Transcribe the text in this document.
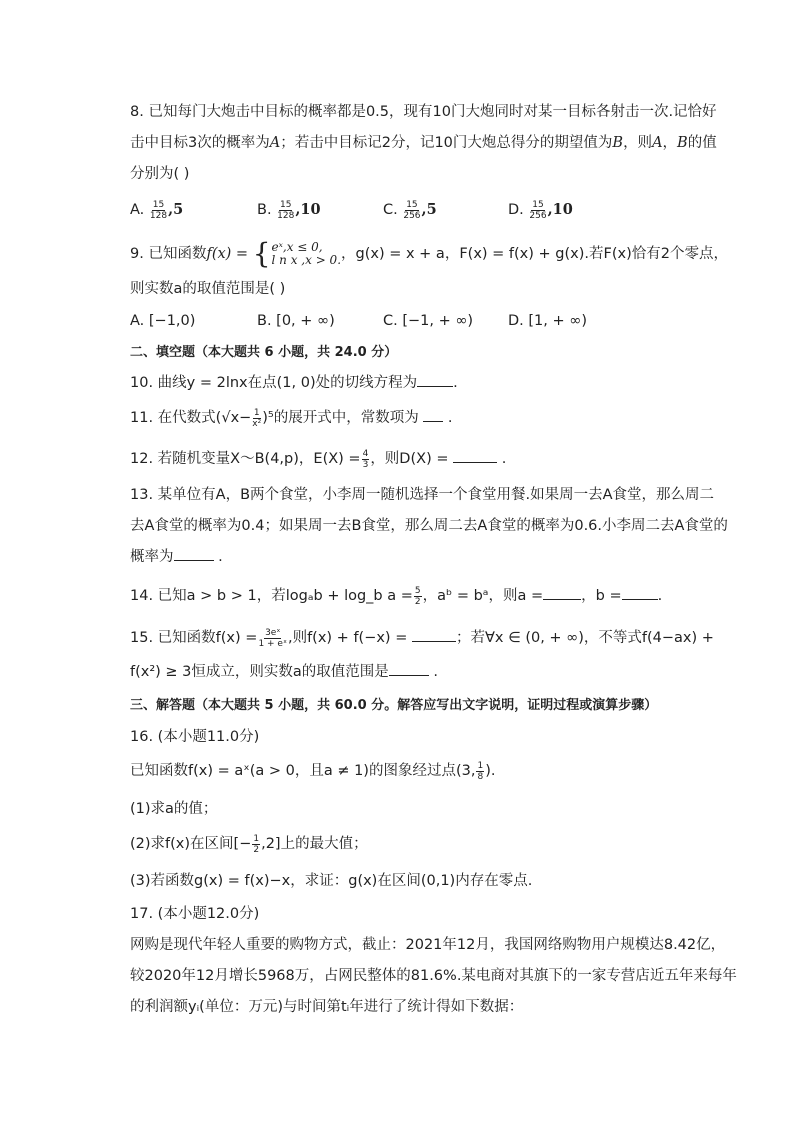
8. 已知每门大炮击中目标的概率都是0.5，现有10门大炮同时对某一目标各射击一次.记恰好
击中目标3次的概率为A；若击中目标记2分，记10门大炮总得分的期望值为B，则A，B的值
分别为( )
A. $\frac{15}{128} ,5$	B. $\frac{15}{128} ,10$	C. $\frac{15}{256} ,5$	D. $\frac{15}{256} ,10$
9. 已知函数f(x) = { eˣ,x ≤ 0,
l n x ,x > 0. ，g(x) = x + a，F(x) = f(x) + g(x).若F(x)恰有2个零点，
则实数a的取值范围是( )
A. [−1,0)	B. [0, + ∞)	C. [−1, + ∞) D. [1, + ∞)
二、填空题（本大题共 6 小题，共 24.0 分）
10. 曲线y = 2lnx在点(1, 0)处的切线方程为 .
11. 在代数式$(√x- \frac{1}{\text{x²}} )^5$的展开式中，常数项为  .
12. 若随机变量X～B(4,p)，$E(X) = \frac{4}{3}$ ，则D(X) =	.
13. 某单位有A，B两个食堂，小李周一随机选择一个食堂用餐.如果周一去A食堂，那么周二
去A食堂的概率为0.4；如果周一去B食堂，那么周二去A食堂的概率为0.6.小李周二去A食堂的
概率为	.
14. 已知a > b > 1，若logₐb + log_b $a = \frac{5}{2}$ ，aᵇ = bᵃ，则a =	，b = .
15. 已知函数$f(x) = \frac{\text{3eˣ}}{\text{1 + eˣ}}$ ,则f(x) + f(−x) =	；若∀x ∈ (0, + ∞)，不等式f(4−ax) +
f(x²) ≥ 3恒成立，则实数a的取值范围是	.
三、解答题（本大题共 5 小题，共 60.0 分。解答应写出文字说明，证明过程或演算步骤）
16. (本小题11.0分)
已知函数f(x) = aˣ(a > 0，且a ≠ 1)的图象经过点(3, $\frac{1}{8}$ ).
(1)求a的值；
(2)求f(x)在区间[− $\frac{1}{2} ,2$]上的最大值；
(3)若函数g(x) = f(x)−x，求证：g(x)在区间(0,1)内存在零点.
17. (本小题12.0分)
网购是现代年轻人重要的购物方式，截止：2021年12月，我国网络购物用户规模达8.42亿，
较2020年12月增长5968万，占网民整体的81.6%.某电商对其旗下的一家专营店近五年来每年
的利润额yᵢ(单位：万元)与时间第tᵢ年进行了统计得如下数据：
